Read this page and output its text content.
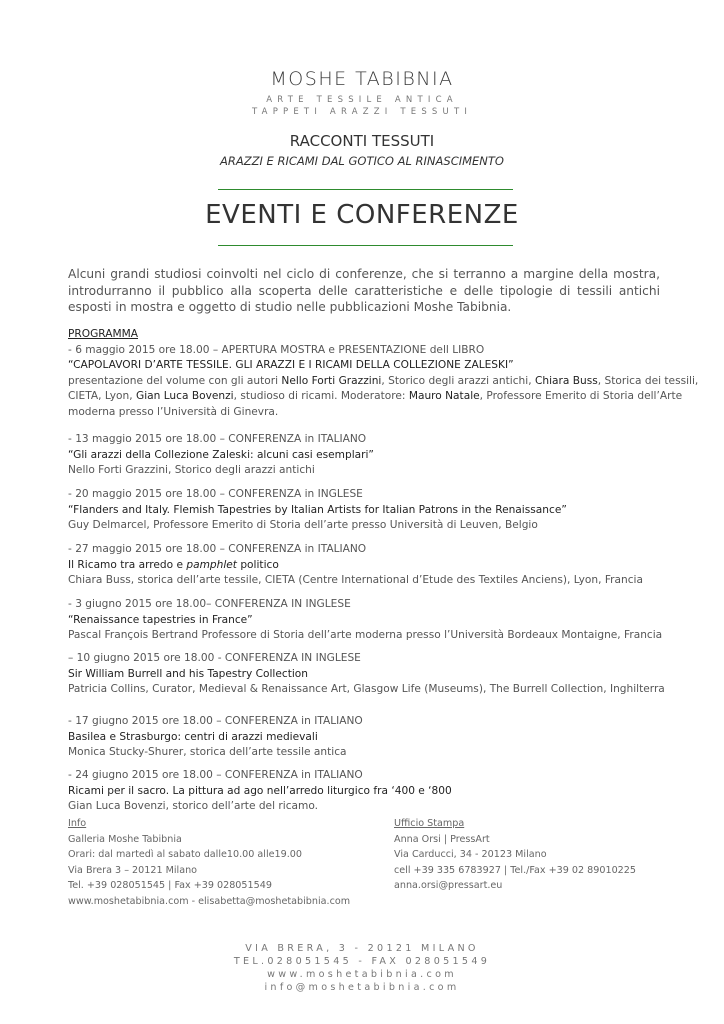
MOSHE TABIBNIA
ARTE TESSILE ANTICA
TAPPETI ARAZZI TESSUTI
RACCONTI TESSUTI
ARAZZI E RICAMI DAL GOTICO AL RINASCIMENTO
EVENTI E CONFERENZE
Alcuni grandi studiosi coinvolti nel ciclo di conferenze, che si terranno a margine della mostra, introdurranno il pubblico alla scoperta delle caratteristiche e delle tipologie di tessili antichi esposti in mostra e oggetto di studio nelle pubblicazioni Moshe Tabibnia.
PROGRAMMA
- 6 maggio 2015 ore 18.00 – APERTURA MOSTRA e PRESENTAZIONE dell LIBRO
“CAPOLAVORI D’ARTE TESSILE. GLI ARAZZI E I RICAMI DELLA COLLEZIONE ZALESKI”
presentazione del volume con gli autori Nello Forti Grazzini, Storico degli arazzi antichi, Chiara Buss, Storica dei tessili,
CIETA, Lyon, Gian Luca Bovenzi, studioso di ricami. Moderatore: Mauro Natale, Professore Emerito di Storia dell’Arte
moderna presso l’Università di Ginevra.
- 13 maggio 2015 ore 18.00 – CONFERENZA in ITALIANO
“Gli arazzi della Collezione Zaleski: alcuni casi esemplari”
Nello Forti Grazzini, Storico degli arazzi antichi
- 20 maggio 2015 ore 18.00 – CONFERENZA in INGLESE
“Flanders and Italy. Flemish Tapestries by Italian Artists for Italian Patrons in the Renaissance”
Guy Delmarcel, Professore Emerito di Storia dell’arte presso Università di Leuven, Belgio
- 27 maggio 2015 ore 18.00 – CONFERENZA in ITALIANO
Il Ricamo tra arredo e pamphlet politico
Chiara Buss, storica dell’arte tessile, CIETA (Centre International d’Etude des Textiles Anciens), Lyon, Francia
- 3 giugno 2015 ore 18.00– CONFERENZA IN INGLESE
“Renaissance tapestries in France”
Pascal François Bertrand Professore di Storia dell’arte moderna presso l’Università Bordeaux Montaigne, Francia
– 10 giugno 2015 ore 18.00 - CONFERENZA IN INGLESE
Sir William Burrell and his Tapestry Collection
Patricia Collins, Curator, Medieval & Renaissance Art, Glasgow Life (Museums), The Burrell Collection, Inghilterra
- 17 giugno 2015 ore 18.00 – CONFERENZA in ITALIANO
Basilea e Strasburgo: centri di arazzi medievali
Monica Stucky-Shurer, storica dell’arte tessile antica
- 24 giugno 2015 ore 18.00 – CONFERENZA in ITALIANO
Ricami per il sacro. La pittura ad ago nell’arredo liturgico fra ‘400 e ‘800
Gian Luca Bovenzi, storico dell’arte del ricamo.
Info
Galleria Moshe Tabibnia
Orari: dal martedì al sabato dalle10.00 alle19.00
Via Brera 3 – 20121 Milano
Tel. +39 028051545 | Fax +39 028051549
www.moshetabibnia.com - elisabetta@moshetabibnia.com
Ufficio Stampa
Anna Orsi | PressArt
Via Carducci, 34 - 20123 Milano
cell +39 335 6783927 | Tel./Fax +39 02 89010225
anna.orsi@pressart.eu
VIA BRERA, 3 - 20121 MILANO
TEL.028051545 - FAX 028051549
www.moshetabibnia.com
info@moshetabibnia.com
